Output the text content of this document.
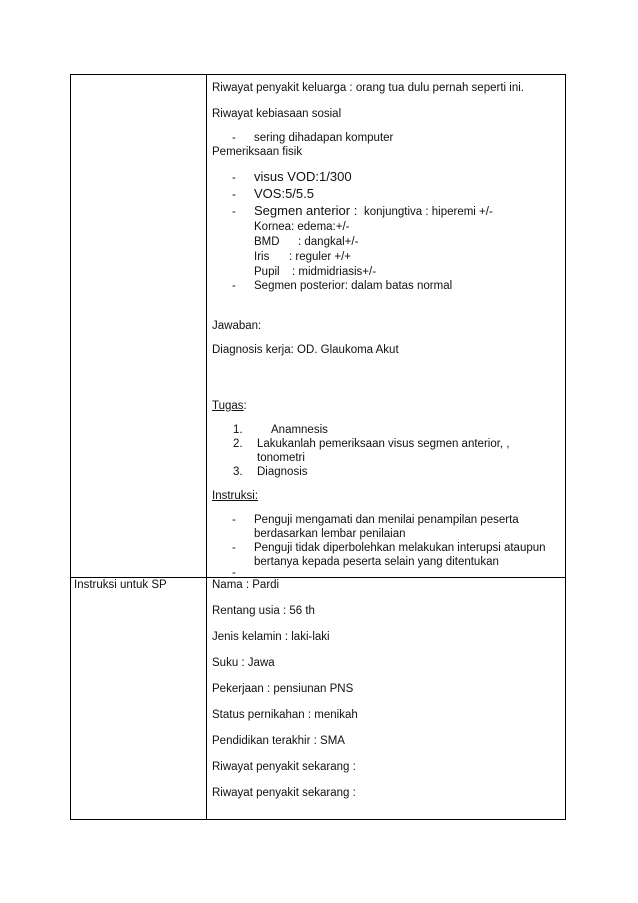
Riwayat penyakit keluarga : orang tua dulu pernah seperti ini.
Riwayat kebiasaan sosial
- sering dihadapan komputer
Pemeriksaan fisik
- visus VOD:1/300
- VOS:5/5.5
- Segmen anterior : konjungtiva : hiperemi +/-
Kornea : edema:+/-
BMD : dangkal+/-
Iris : reguler +/+
Pupil : midmidriasis+/-
- Segmen posterior: dalam batas normal
Jawaban:
Diagnosis kerja: OD. Glaukoma Akut
Tugas:
1. Anamnesis
2. Lakukanlah pemeriksaan visus segmen anterior, ,
tonometri
3. Diagnosis
Instruksi:
- Penguji mengamati dan menilai penampilan peserta
berdasarkan lembar penilaian
- Penguji tidak diperbolehkan melakukan interupsi ataupun
bertanya kepada peserta selain yang ditentukan
-
Instruksi untuk SP	Nama : Pardi
Rentang usia : 56 th
Jenis kelamin : laki-laki
Suku : Jawa
Pekerjaan : pensiunan PNS
Status pernikahan : menikah
Pendidikan terakhir : SMA
Riwayat penyakit sekarang :
Riwayat penyakit sekarang :
